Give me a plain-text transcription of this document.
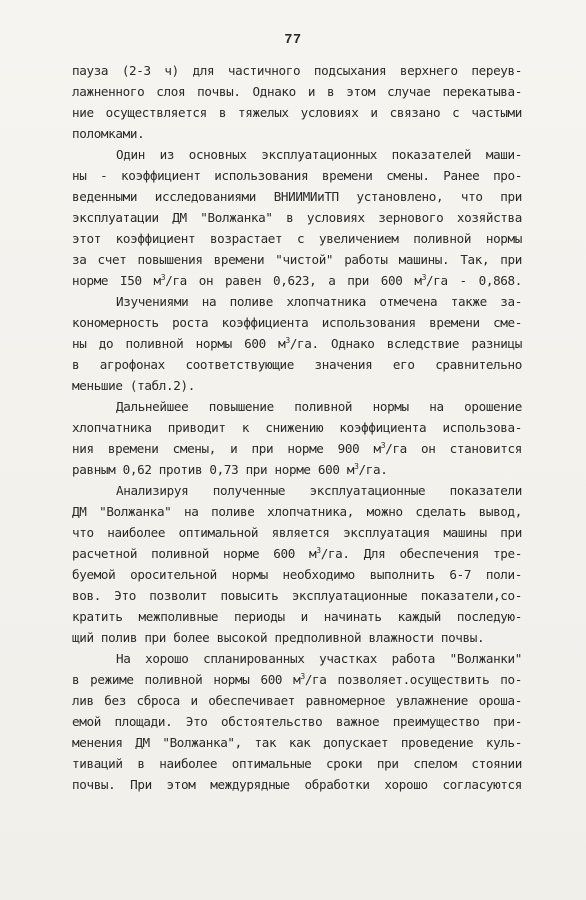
77
пауза (2-3 ч) для частичного подсыхания верхнего переув-
лажненного слоя почвы. Однако и в этом случае перекатыва-
ние осуществляется в тяжелых условиях и связано с частыми
поломками.
Один из основных эксплуатационных показателей маши-
ны - коэффициент использования времени смены. Ранее про-
веденными исследованиями ВНИИМИиТП установлено, что при
эксплуатации ДМ "Волжанка" в условиях зернового хозяйства
этот коэффициент возрастает с увеличением поливной нормы
за счет повышения времени "чистой" работы машины. Так, при
норме I50 $м^3/га$ он равен 0,623, а при 600 $м^3/га - 0,868$.
Изучениями на поливе хлопчатника отмечена также за-
кономерность роста коэффициента использования времени сме-
ны до поливной нормы 600 $м^3/га$. Однако вследствие разницы
в агрофонах соответствующие значения его сравнительно
меньшие (табл.2).
Дальнейшее повышение поливной нормы на орошение
хлопчатника приводит к снижению коэффициента использова-
ния времени смены, и при норме 900 $м^3/га$ он становится
равным 0,62 против 0,73 при норме 600 $м^3/га$.
Анализируя полученные эксплуатационные показатели
ДМ "Волжанка" на поливе хлопчатника, можно сделать вывод,
что наиболее оптимальной является эксплуатация машины при
расчетной поливной норме 600 $м^3/га$. Для обеспечения тре-
буемой оросительной нормы необходимо выполнить 6-7 поли-
вов. Это позволит повысить эксплуатационные показатели,со-
кратить межполивные периоды и начинать каждый последую-
щий полив при более высокой предполивной влажности почвы.
На хорошо спланированных участках работа "Волжанки"
в режиме поливной нормы 600 $м^3/га$ позволяет.осуществить по-
лив без сброса и обеспечивает равномерное увлажнение ороша-
емой площади. Это обстоятельство важное преимущество при-
менения ДМ "Волжанка", так как допускает проведение куль-
тиваций в наиболее оптимальные сроки при спелом стоянии
почвы. При этом междурядные обработки хорошо согласуются
